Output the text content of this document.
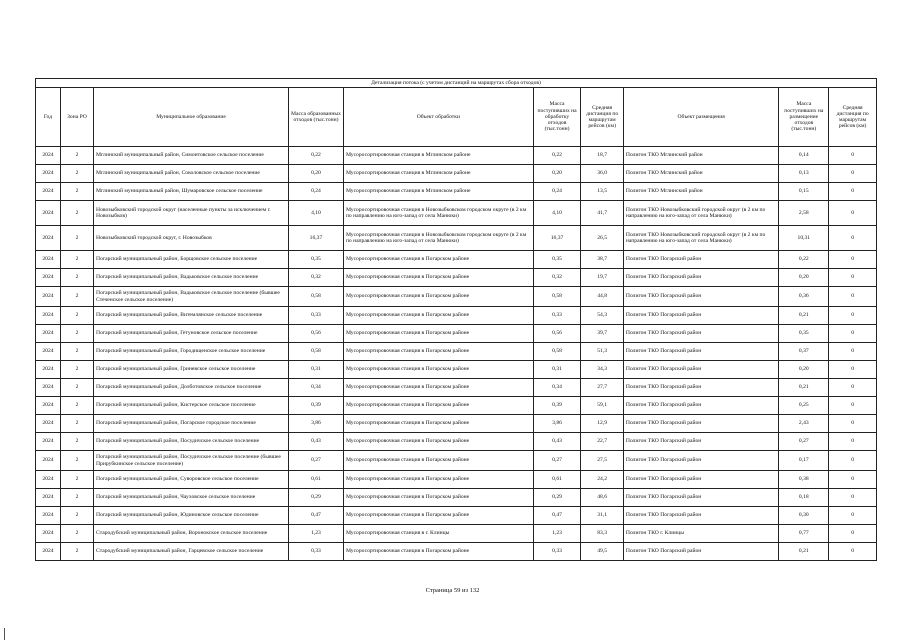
Детализация потока (с учетом дистанций на маршрутах сбора отходов)									
Год	Зона РО	Муниципальное образование	Масса образованных отходов (тыс.тонн)	Объект обработки	Масса поступивших на обработку отходов (тыс.тонн)	Средняя дистанция по маршрутам рейсов (км)	Объект размещения	Масса поступивших на размещение отходов (тыс.тонн)	Средняя дистанция по маршрутам рейсов (км)
2024	2	Мглинский муниципальный район, Симонтовское сельское поселение	0,22	Мусоросортировочная станция в Мглинском районе	0,22	18,7	Полигон ТКО Мглинский район	0,14	0
2024	2	Мглинский муниципальный район, Соколовское сельское поселение	0,20	Мусоросортировочная станция в Мглинском районе	0,20	36,0	Полигон ТКО Мглинский район	0,13	0
2024	2	Мглинский муниципальный район, Шумаровское сельское поселение	0,24	Мусоросортировочная станция в Мглинском районе	0,24	13,5	Полигон ТКО Мглинский район	0,15	0
2024	2	Новозыбковский городской округ (населенные пункты за исключением г. Новозыбков)	4,10	Мусоросортировочная станция в Новозыбковском городском округе (в 2 км по направлению на юго-запад от села Манюки)	4,10	41,7	Полигон ТКО Новозыбковский городской округ (в 2 км по направлению на юго-запад от села Манюки)	2,58	0
2024	2	Новозыбковский городской округ, г. Новозыбков	16,37	Мусоросортировочная станция в Новозыбковском городском округе (в 2 км по направлению на юго-запад от села Манюки)	16,37	26,5	Полигон ТКО Новозыбковский городской округ (в 2 км по направлению на юго-запад от села Манюки)	10,31	0
2024	2	Погарский муниципальный район, Борщовское сельское поселение	0,35	Мусоросортировочная станция в Погарском районе	0,35	38,7	Полигон ТКО Погарский район	0,22	0
2024	2	Погарский муниципальный район, Вадьковское сельское поселение	0,32	Мусоросортировочная станция в Погарском районе	0,32	19,7	Полигон ТКО Погарский район	0,20	0
2024	2	Погарский муниципальный район, Вадьковское сельское поселение (бывшее Стеченское сельское поселение)	0,58	Мусоросортировочная станция в Погарском районе	0,58	44,8	Полигон ТКО Погарский район	0,36	0
2024	2	Погарский муниципальный район, Витемлянское сельское поселение	0,33	Мусоросортировочная станция в Погарском районе	0,33	54,3	Полигон ТКО Погарский район	0,21	0
2024	2	Погарский муниципальный район, Гетуновское сельское поселение	0,56	Мусоросортировочная станция в Погарском районе	0,56	39,7	Полигон ТКО Погарский район	0,35	0
2024	2	Погарский муниципальный район, Городищенское сельское поселение	0,58	Мусоросортировочная станция в Погарском районе	0,58	51,3	Полигон ТКО Погарский район	0,37	0
2024	2	Погарский муниципальный район, Гриневское сельское поселение	0,31	Мусоросортировочная станция в Погарском районе	0,31	34,3	Полигон ТКО Погарский район	0,20	0
2024	2	Погарский муниципальный район, Долботовское сельское поселение	0,34	Мусоросортировочная станция в Погарском районе	0,34	27,7	Полигон ТКО Погарский район	0,21	0
2024	2	Погарский муниципальный район, Кистерское сельское поселение	0,39	Мусоросортировочная станция в Погарском районе	0,39	59,1	Полигон ТКО Погарский район	0,25	0
2024	2	Погарский муниципальный район, Погарское городское поселение	3,86	Мусоросортировочная станция в Погарском районе	3,86	12,9	Полигон ТКО Погарский район	2,43	0
2024	2	Погарский муниципальный район, Посудичское сельское поселение	0,43	Мусоросортировочная станция в Погарском районе	0,43	22,7	Полигон ТКО Погарский район	0,27	0
2024	2	Погарский муниципальный район, Посудичское сельское поселение (бывшее Прирубкинское сельское поселение)	0,27	Мусоросортировочная станция в Погарском районе	0,27	27,5	Полигон ТКО Погарский район	0,17	0
2024	2	Погарский муниципальный район, Суворовское сельское поселение	0,61	Мусоросортировочная станция в Погарском районе	0,61	24,2	Полигон ТКО Погарский район	0,38	0
2024	2	Погарский муниципальный район, Чауховское сельское поселение	0,29	Мусоросортировочная станция в Погарском районе	0,29	48,6	Полигон ТКО Погарский район	0,18	0
2024	2	Погарский муниципальный район, Юдиновское сельское поселение	0,47	Мусоросортировочная станция в Погарском районе	0,47	31,1	Полигон ТКО Погарский район	0,30	0
2024	2	Стародубский муниципальный район, Воронокское сельское поселение	1,23	Мусоросортировочная станция в г. Клинцы	1,23	83,3	Полигон ТКО г. Клинцы	0,77	0
2024	2	Стародубский муниципальный район, Гарцевское сельское поселение	0,33	Мусоросортировочная станция в Погарском районе	0,33	49,5	Полигон ТКО Погарский район	0,21	0
Страница 59 из 132
